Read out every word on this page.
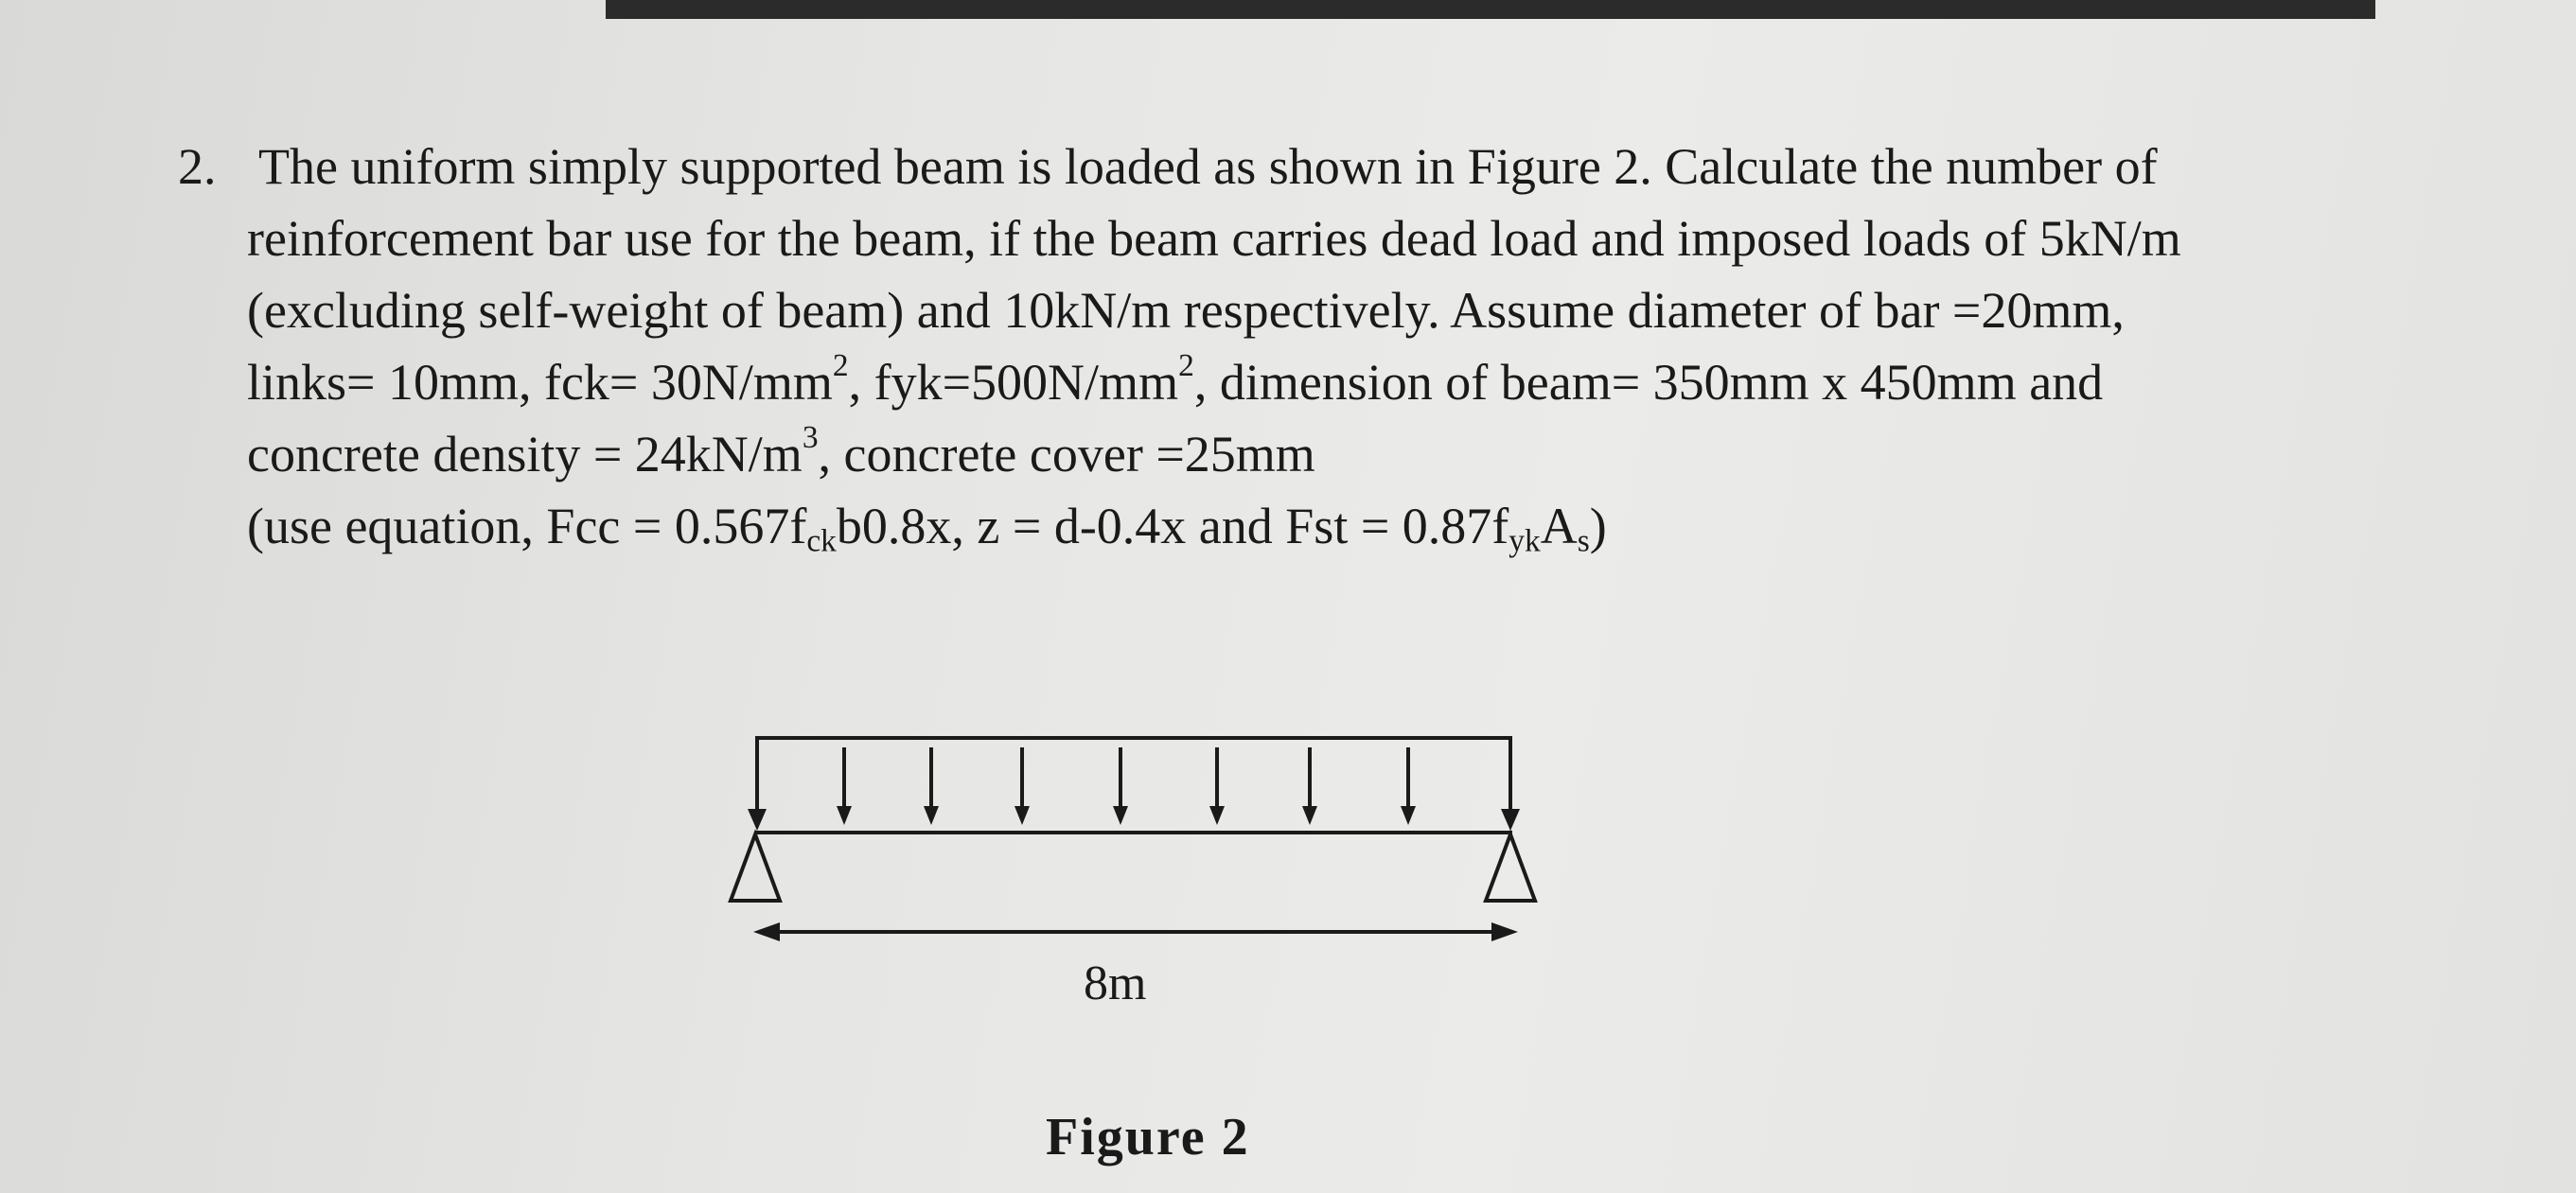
2. The uniform simply supported beam is loaded as shown in Figure 2. Calculate the number of
reinforcement bar use for the beam, if the beam carries dead load and imposed loads of 5kN/m
(excluding self-weight of beam) and 10kN/m respectively. Assume diameter of bar =20mm,
links= 10mm, $fck= 30N/mm^2$, $fyk=500N/mm^2$, dimension of beam= 350mm x 450mm and
concrete density = $24kN/m^3$, concrete cover =25mm
(use equation, Fcc = $0.567f_{ck}b0.8x$, z = d-0.4x and Fst = $0.87f_{yk}A_s$)
8m
Figure 2
